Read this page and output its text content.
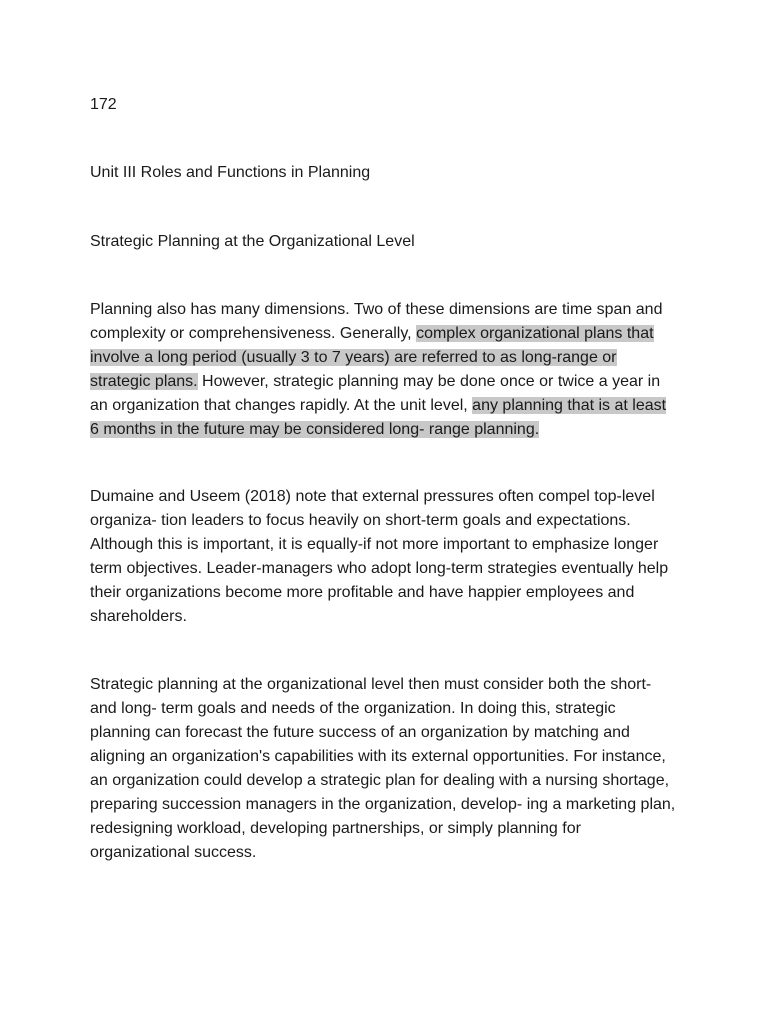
172
Unit III Roles and Functions in Planning
Strategic Planning at the Organizational Level
Planning also has many dimensions. Two of these dimensions are time span and
complexity or comprehensiveness. Generally, complex organizational plans that
involve a long period (usually 3 to 7 years) are referred to as long-range or
strategic plans. However, strategic planning may be done once or twice a year in
an organization that changes rapidly. At the unit level, any planning that is at least
6 months in the future may be considered long- range planning.
Dumaine and Useem (2018) note that external pressures often compel top-level
organiza- tion leaders to focus heavily on short-term goals and expectations.
Although this is important, it is equally-if not more important to emphasize longer
term objectives. Leader-managers who adopt long-term strategies eventually help
their organizations become more profitable and have happier employees and
shareholders.
Strategic planning at the organizational level then must consider both the short-
and long- term goals and needs of the organization. In doing this, strategic
planning can forecast the future success of an organization by matching and
aligning an organization's capabilities with its external opportunities. For instance,
an organization could develop a strategic plan for dealing with a nursing shortage,
preparing succession managers in the organization, develop- ing a marketing plan,
redesigning workload, developing partnerships, or simply planning for
organizational success.
